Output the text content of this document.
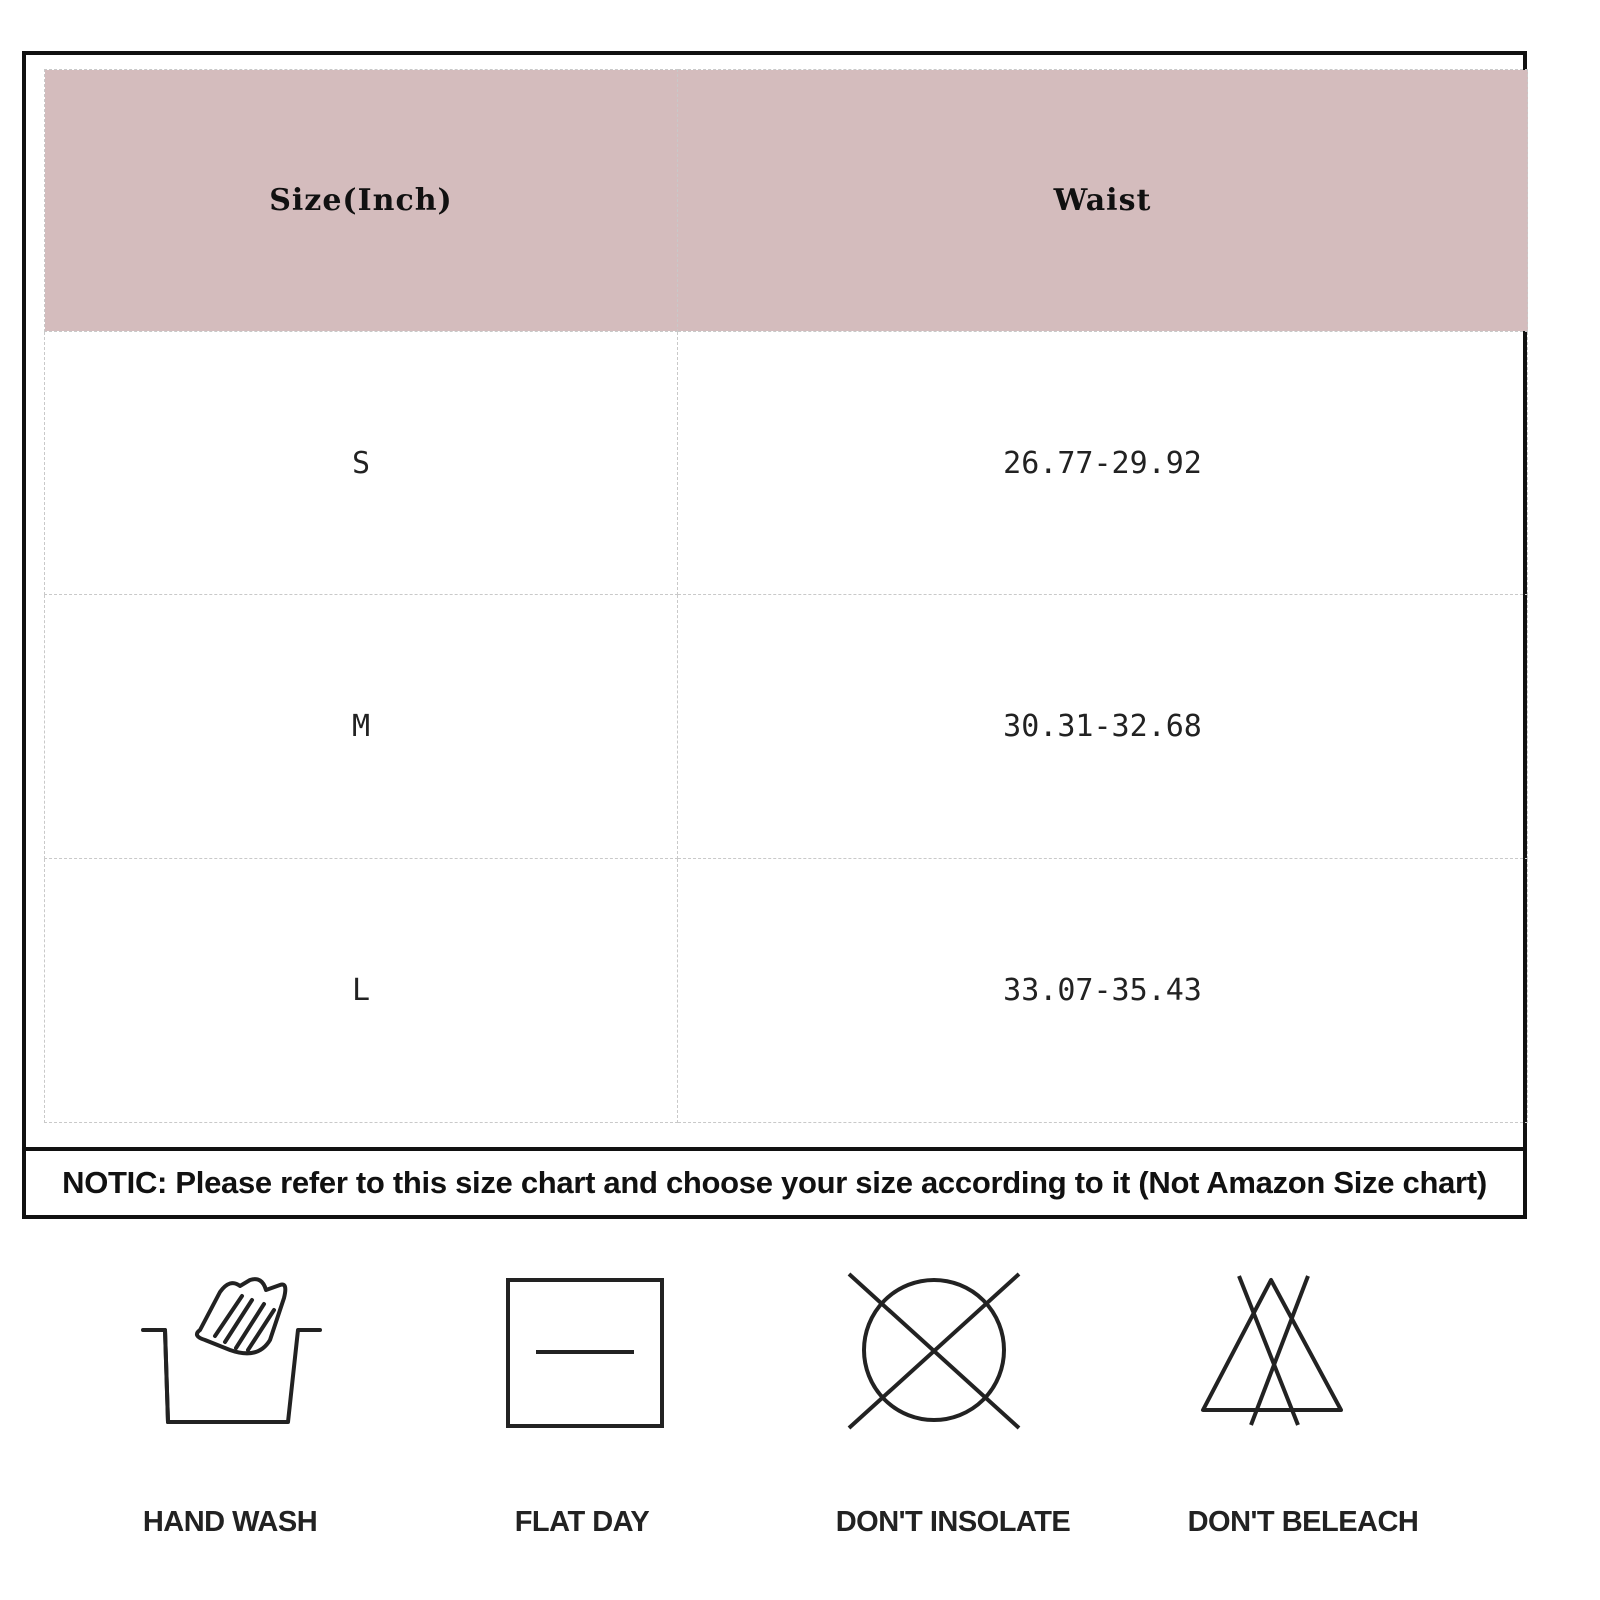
Size(Inch)	Waist
S	26.77-29.92
M	30.31-32.68
L	33.07-35.43
NOTIC: Please refer to this size chart and choose your size according to it (Not Amazon Size chart)
HAND WASH	FLAT DAY	DON'T INSOLATE	DON'T BELEACH
